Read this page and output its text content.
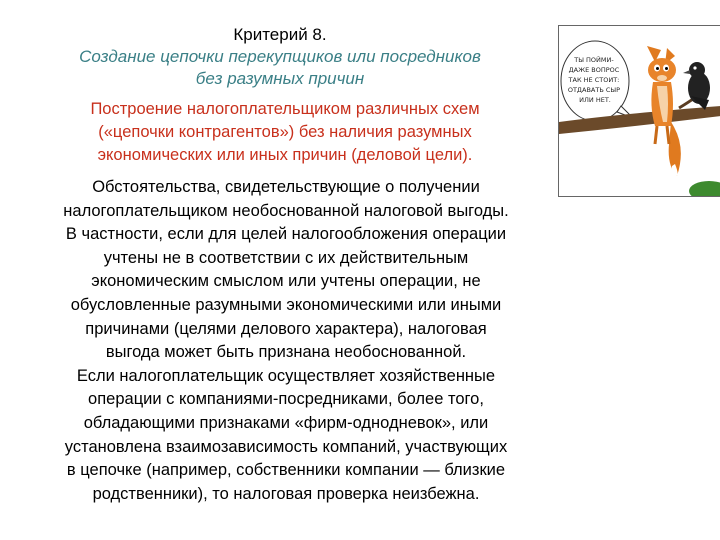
Критерий 8.
Создание цепочки перекупщиков или посредников
без разумных причин
Построение налогоплательщиком различных схем
(«цепочки контрагентов») без наличия разумных
экономических или иных причин (деловой цели).
Обстоятельства, свидетельствующие о получении
налогоплательщиком необоснованной налоговой выгоды.
В частности, если для целей налогообложения операции
учтены не в соответствии с их действительным
экономическим смыслом или учтены операции, не
обусловленные разумными экономическими или иными
причинами (целями делового характера), налоговая
выгода может быть признана необоснованной.
Если налогоплательщик осуществляет хозяйственные
операции с компаниями-посредниками, более того,
обладающими признаками «фирм-однодневок», или
установлена взаимозависимость компаний, участвующих
в цепочке (например, собственники компании — близкие
родственники), то налоговая проверка неизбежна.
ТЫ ПОЙМИ- ДАЖЕ ВОПРОС ТАК НЕ СТОИТ: ОТДАВАТЬ СЫР ИЛИ НЕТ.
